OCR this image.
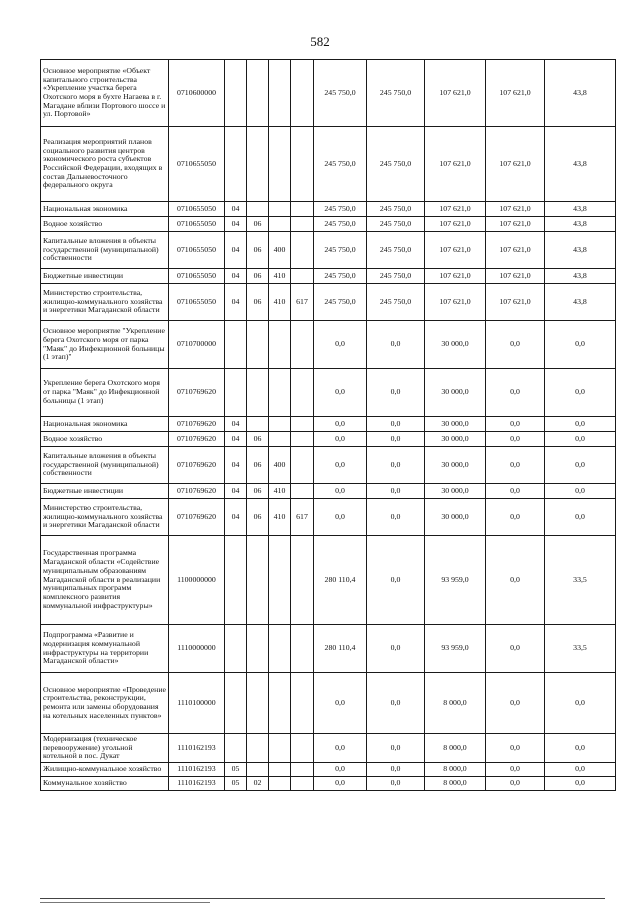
582
Основное мероприятие «Объект капитального строительства «Укрепление участка берега Охотского моря в бухте Нагаева в г. Магадане вблизи Портового шоссе и ул. Портовой»	0710600000					245 750,0	245 750,0	107 621,0	107 621,0	43,8
Реализация мероприятий планов социального развития центров экономического роста субъектов Российской Федерации, входящих в состав Дальневосточного федерального округа	0710655050					245 750,0	245 750,0	107 621,0	107 621,0	43,8
Национальная экономика	0710655050	04				245 750,0	245 750,0	107 621,0	107 621,0	43,8
Водное хозяйство	0710655050	04	06			245 750,0	245 750,0	107 621,0	107 621,0	43,8
Капитальные вложения в объекты государственной (муниципальной) собственности	0710655050	04	06	400		245 750,0	245 750,0	107 621,0	107 621,0	43,8
Бюджетные инвестиции	0710655050	04	06	410		245 750,0	245 750,0	107 621,0	107 621,0	43,8
Министерство строительства, жилищно-коммунального хозяйства и энергетики Магаданской области	0710655050	04	06	410	617	245 750,0	245 750,0	107 621,0	107 621,0	43,8
Основное мероприятие "Укрепление берега Охотского моря от парка "Маяк" до Инфекционной больницы (1 этап)"	0710700000					0,0	0,0	30 000,0	0,0	0,0
Укрепление берега Охотского моря от парка "Маяк" до Инфекционной больницы (1 этап)	0710769620					0,0	0,0	30 000,0	0,0	0,0
Национальная экономика	0710769620	04				0,0	0,0	30 000,0	0,0	0,0
Водное хозяйство	0710769620	04	06			0,0	0,0	30 000,0	0,0	0,0
Капитальные вложения в объекты государственной (муниципальной) собственности	0710769620	04	06	400		0,0	0,0	30 000,0	0,0	0,0
Бюджетные инвестиции	0710769620	04	06	410		0,0	0,0	30 000,0	0,0	0,0
Министерство строительства, жилищно-коммунального хозяйства и энергетики Магаданской области	0710769620	04	06	410	617	0,0	0,0	30 000,0	0,0	0,0
Государственная программа Магаданской области «Содействие муниципальным образованиям Магаданской области в реализации муниципальных программ комплексного развития коммунальной инфраструктуры»	1100000000					280 110,4	0,0	93 959,0	0,0	33,5
Подпрограмма «Развитие и модернизация коммунальной инфраструктуры на территории Магаданской области»	1110000000					280 110,4	0,0	93 959,0	0,0	33,5
Основное мероприятие «Проведение строительства, реконструкции, ремонта или замены оборудования на котельных населенных пунктов»	1110100000					0,0	0,0	8 000,0	0,0	0,0
Модернизация (техническое перевооружение) угольной котельной в пос. Дукат	1110162193					0,0	0,0	8 000,0	0,0	0,0
Жилищно-коммунальное хозяйство	1110162193	05				0,0	0,0	8 000,0	0,0	0,0
Коммунальное хозяйство	1110162193	05	02			0,0	0,0	8 000,0	0,0	0,0
